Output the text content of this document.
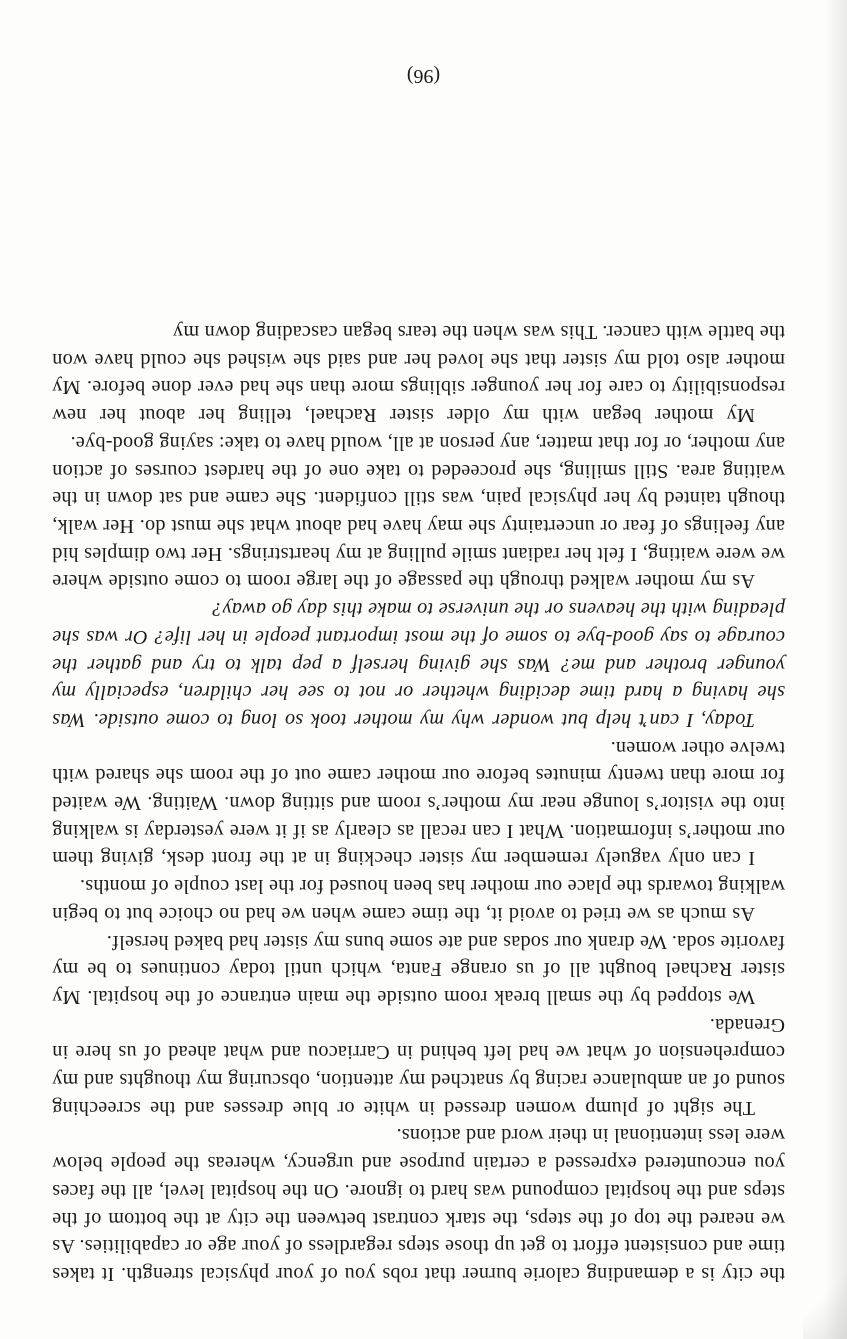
the city is a demanding calorie burner that robs you of your physical strength. It takes time and consistent effort to get up those steps regardless of your age or capabilities. As we neared the top of the steps, the stark contrast between the city at the bottom of the steps and the hospital compound was hard to ignore. On the hospital level, all the faces you encountered expressed a certain purpose and urgency, whereas the people below were less intentional in their word and actions.

The sight of plump women dressed in white or blue dresses and the screeching sound of an ambulance racing by snatched my attention, obscuring my thoughts and my comprehension of what we had left behind in Carriacou and what ahead of us here in Grenada.

We stopped by the small break room outside the main entrance of the hospital. My sister Rachael bought all of us orange Fanta, which until today continues to be my favorite soda. We drank our sodas and ate some buns my sister had baked herself.

As much as we tried to avoid it, the time came when we had no choice but to begin walking towards the place our mother has been housed for the last couple of months.

I can only vaguely remember my sister checking in at the front desk, giving them our mother’s information. What I can recall as clearly as if it were yesterday is walking into the visitor’s lounge near my mother’s room and sitting down. Waiting. We waited for more than twenty minutes before our mother came out of the room she shared with twelve other women.

Today, I can’t help but wonder why my mother took so long to come outside. Was she having a hard time deciding whether or not to see her children, especially my younger brother and me? Was she giving herself a pep talk to try and gather the courage to say good-bye to some of the most important people in her life? Or was she pleading with the heavens or the universe to make this day go away?

As my mother walked through the passage of the large room to come outside where we were waiting, I felt her radiant smile pulling at my heartstrings. Her two dimples hid any feelings of fear or uncertainty she may have had about what she must do. Her walk, though tainted by her physical pain, was still confident. She came and sat down in the waiting area. Still smiling, she proceeded to take one of the hardest courses of action any mother, or for that matter, any person at all, would have to take: saying good-bye.

My mother began with my older sister Rachael, telling her about her new responsibility to care for her younger siblings more than she had ever done before. My mother also told my sister that she loved her and said she wished she could have won the battle with cancer. This was when the tears began cascading down my

(96)
